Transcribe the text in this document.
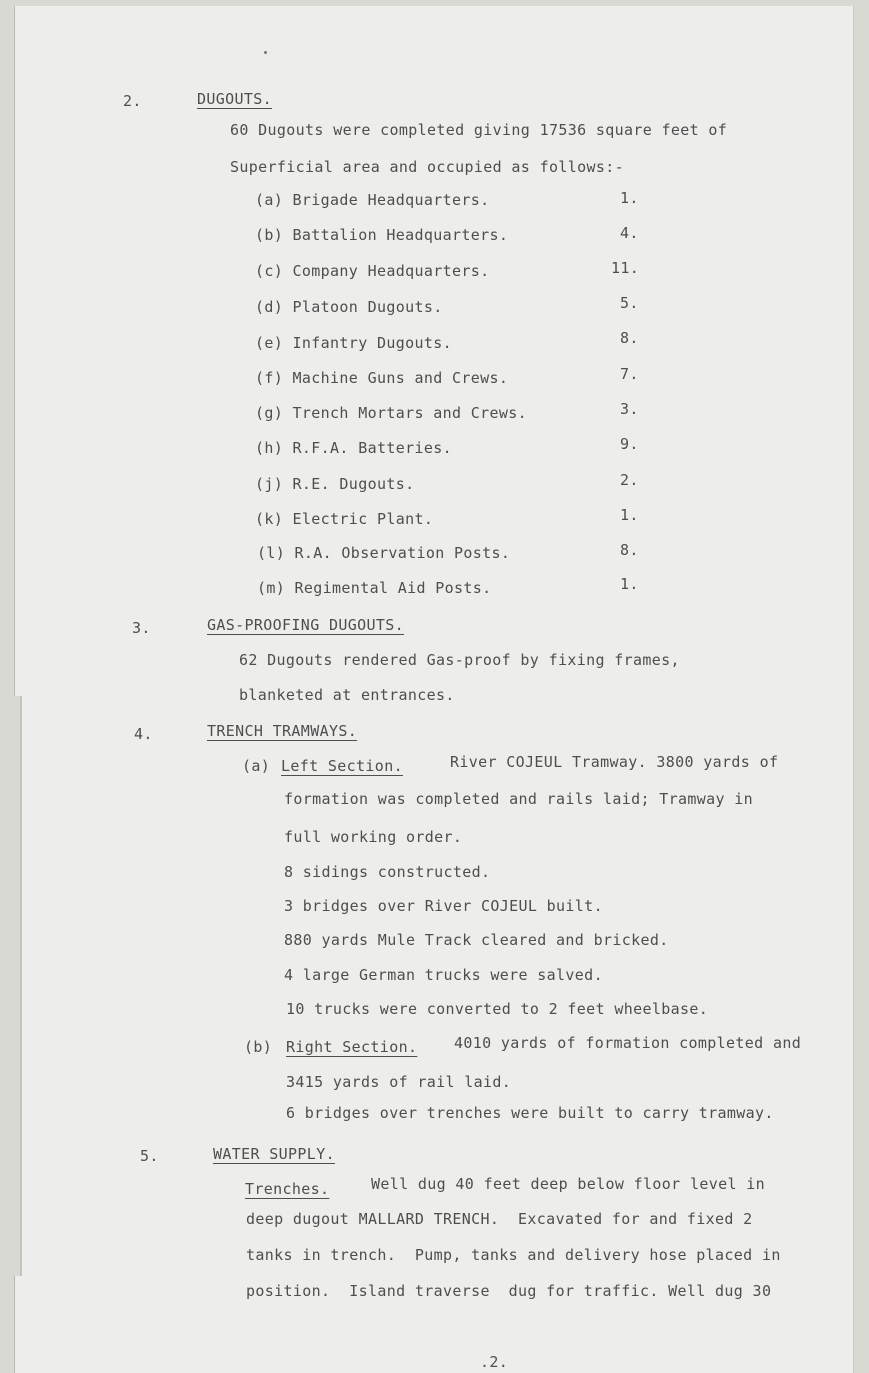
2.	DUGOUTS.
60 Dugouts were completed giving 17536 square feet of
Superficial area and occupied as follows:-
(a) Brigade Headquarters.	1.
(b) Battalion Headquarters.	4.
(c) Company Headquarters.	11.
(d) Platoon Dugouts.	5.
(e) Infantry Dugouts.	8.
(f) Machine Guns and Crews.	7.
(g) Trench Mortars and Crews.	3.
(h) R.F.A. Batteries.	9.
(j) R.E. Dugouts.	2.
(k) Electric Plant.	1.
(l) R.A. Observation Posts.	8.
(m) Regimental Aid Posts.	1.
3.	GAS-PROOFING DUGOUTS.
62 Dugouts rendered Gas-proof by fixing frames,
blanketed at entrances.
4.	TRENCH TRAMWAYS.
(a) Left Section.	River COJEUL Tramway. 3800 yards of
formation was completed and rails laid; Tramway in
full working order.
8 sidings constructed.
3 bridges over River COJEUL built.
880 yards Mule Track cleared and bricked.
4 large German trucks were salved.
10 trucks were converted to 2 feet wheelbase.
(b) Right Section. 4010 yards of formation completed and
3415 yards of rail laid.
6 bridges over trenches were built to carry tramway.
5.	WATER SUPPLY.
Trenches.	Well dug 40 feet deep below floor level in
deep dugout MALLARD TRENCH.  Excavated for and fixed 2
tanks in trench.  Pump, tanks and delivery hose placed in
position.  Island traverse  dug for traffic. Well dug 30
.2.
